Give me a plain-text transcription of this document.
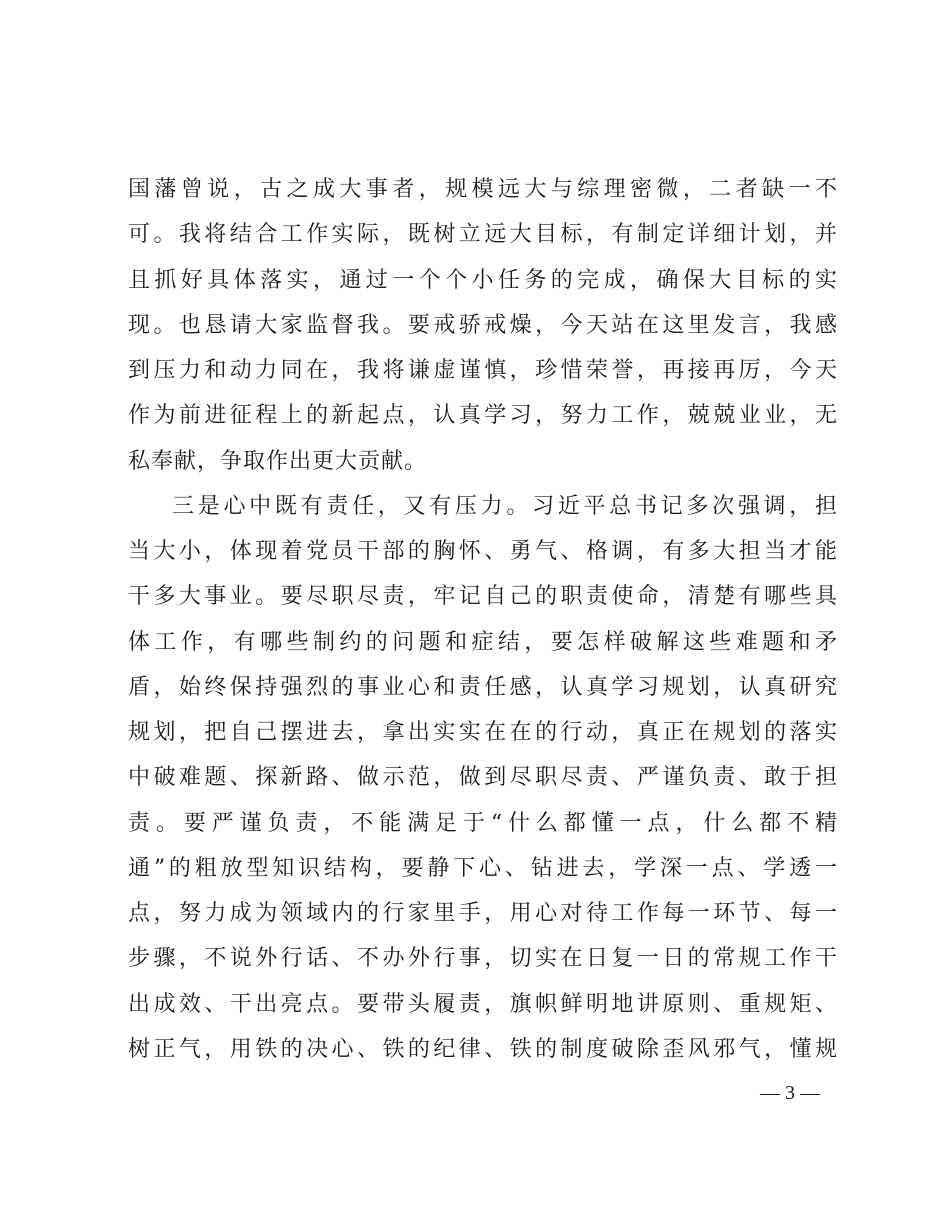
国藩曾说，古之成大事者，规模远大与综理密微，二者缺一不
可。我将结合工作实际，既树立远大目标，有制定详细计划，并
且抓好具体落实，通过一个个小任务的完成，确保大目标的实
现。也恳请大家监督我。要戒骄戒燥，今天站在这里发言，我感
到压力和动力同在，我将谦虚谨慎，珍惜荣誉，再接再厉，今天
作为前进征程上的新起点，认真学习，努力工作，兢兢业业，无
私奉献，争取作出更大贡献。
三是心中既有责任，又有压力。习近平总书记多次强调，担
当大小，体现着党员干部的胸怀、勇气、格调，有多大担当才能
干多大事业。要尽职尽责，牢记自己的职责使命，清楚有哪些具
体工作，有哪些制约的问题和症结，要怎样破解这些难题和矛
盾，始终保持强烈的事业心和责任感，认真学习规划，认真研究
规划，把自己摆进去，拿出实实在在的行动，真正在规划的落实
中破难题、探新路、做示范，做到尽职尽责、严谨负责、敢于担
责。要严谨负责，不能满足于“什么都懂一点，什么都不精
通”的粗放型知识结构，要静下心、钻进去，学深一点、学透一
点，努力成为领域内的行家里手，用心对待工作每一环节、每一
步骤，不说外行话、不办外行事，切实在日复一日的常规工作干
出成效、干出亮点。要带头履责，旗帜鲜明地讲原则、重规矩、
树正气，用铁的决心、铁的纪律、铁的制度破除歪风邪气，懂规
— 3 —
